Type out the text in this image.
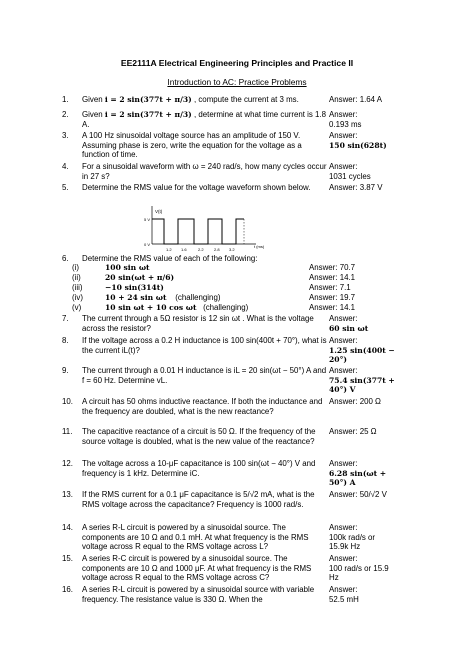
EE2111A Electrical Engineering Principles and Practice II
Introduction to AC: Practice Problems
1.	Given i = 2 sin(377t + π/3) , compute the current at 3 ms.	Answer: 1.64 A
2.	Given i = 2 sin(377t + π/3) , determine at what time current is 1.8 A.
Answer:
0.193 ms
3.	A 100 Hz sinusoidal voltage source has an amplitude of 150 V. Assuming phase is zero, write the equation for the voltage as a function of time.
Answer:
150 sin(628t)
4.	For a sinusoidal waveform with ω = 240 rad/s, how many cycles occur in 27 s?
Answer:
1031 cycles
5.	Determine the RMS value for the voltage waveform shown below.	Answer: 3.87 V
V(t)
5 V
0 V
1.2 1.6	2.2	2.8 3.2
t (ms)
6.	Determine the RMS value of each of the following:
(i)	100 sin ωt	Answer: 70.7
(ii)	20 sin(ωt + π/6)	Answer: 14.1
(iii)	−10 sin(314t)	Answer: 7.1
(iv)	10 + 24 sin ωt (challenging)	Answer: 19.7
(v)	10 sin ωt + 10 cos ωt (challenging)	Answer: 14.1
7.	The current through a 5Ω resistor is 12 sin ωt . What is the voltage across the resistor?
Answer:
60 sin ωt
8.	If the voltage across a 0.2 H inductance is 100 sin(400t + 70°), what is the current iL(t)?
Answer:
1.25 sin(400t −
20°)
9.	The current through a 0.01 H inductance is iL = 20 sin(ωt − 50°) A and f = 60 Hz. Determine vL.
Answer:
75.4 sin(377t +
40°) V
10.	A circuit has 50 ohms inductive reactance. If both the inductance and the frequency are doubled, what is the new reactance?
Answer: 200 Ω
11.	The capacitive reactance of a circuit is 50 Ω. If the frequency of the source voltage is doubled, what is the new value of the reactance?
Answer: 25 Ω
12.	The voltage across a 10-μF capacitance is 100 sin(ωt − 40°) V and frequency is 1 kHz. Determine iC.
Answer:
6.28 sin(ωt +
50°) A
13.	If the RMS current for a 0.1 μF capacitance is 5/√2 mA, what is the RMS voltage across the capacitance? Frequency is 1000 rad/s.
Answer: 50/√2 V
14.	A series R-L circuit is powered by a sinusoidal source. The components are 10 Ω and 0.1 mH. At what frequency is the RMS voltage across R equal to the RMS voltage across L?
Answer:
100k rad/s or
15.9k Hz
15.	A series R-C circuit is powered by a sinusoidal source. The components are 10 Ω and 1000 μF. At what frequency is the RMS voltage across R equal to the RMS voltage across C?
Answer:
100 rad/s or 15.9
Hz
16.	A series R-L circuit is powered by a sinusoidal source with variable frequency. The resistance value is 330 Ω. When the
Answer:
52.5 mH
